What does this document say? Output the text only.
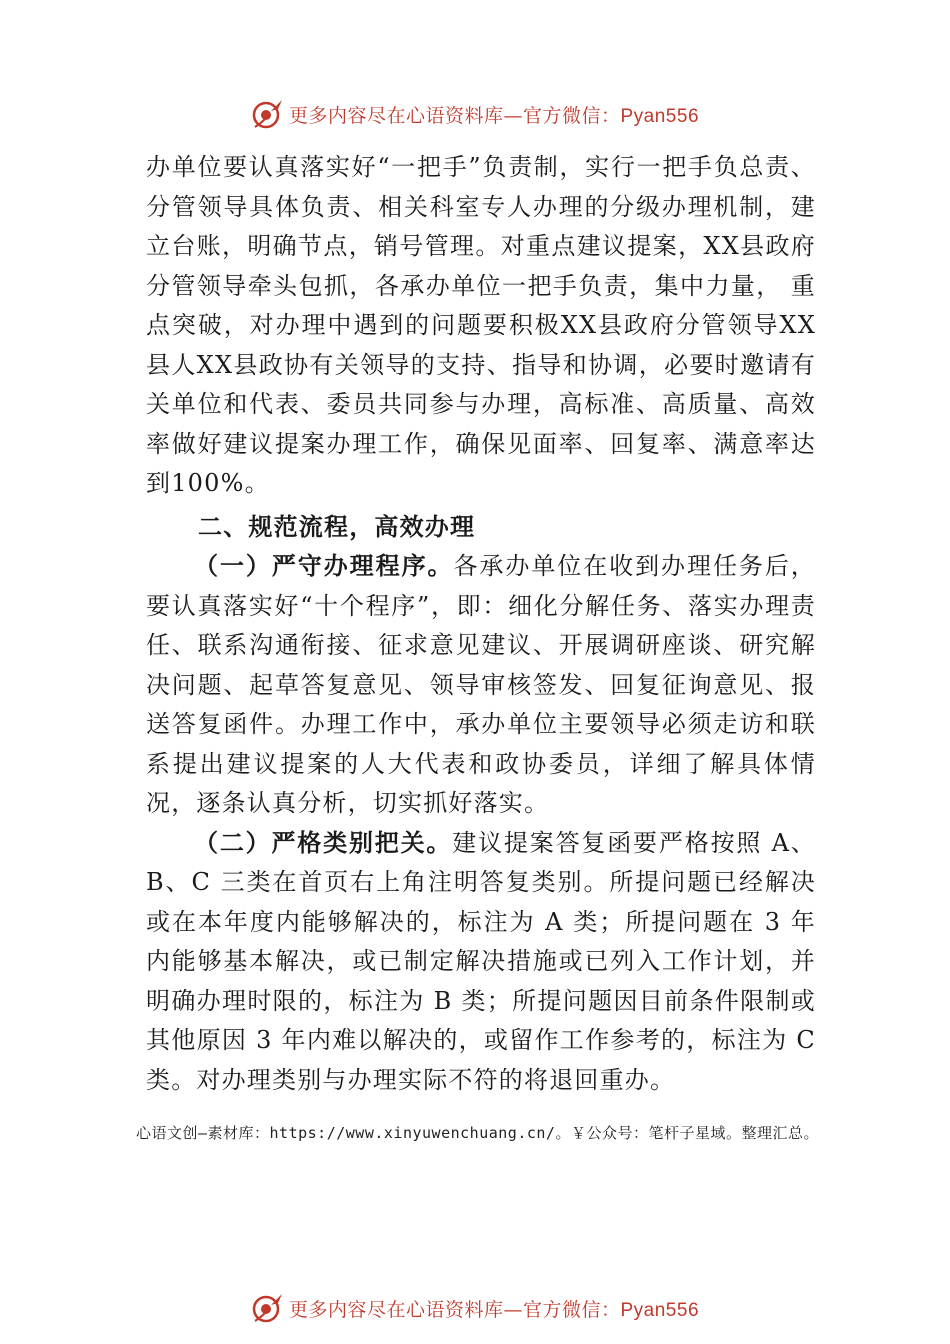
更多内容尽在心语资料库—官方微信：Pyan556

办单位要认真落实好“一把手”负责制，实行一把手负总责、分管领导具体负责、相关科室专人办理的分级办理机制，建立台账，明确节点，销号管理。对重点建议提案，XX县政府分管领导牵头包抓，各承办单位一把手负责，集中力量， 重点突破，对办理中遇到的问题要积极XX县政府分管领导XX县人XX县政协有关领导的支持、指导和协调，必要时邀请有关单位和代表、委员共同参与办理，高标准、高质量、高效率做好建议提案办理工作，确保见面率、回复率、满意率达到100%。

二、规范流程，高效办理

（一）严守办理程序。各承办单位在收到办理任务后，要认真落实好“十个程序”，即：细化分解任务、落实办理责任、联系沟通衔接、征求意见建议、开展调研座谈、研究解决问题、起草答复意见、领导审核签发、回复征询意见、报送答复函件。办理工作中，承办单位主要领导必须走访和联系提出建议提案的人大代表和政协委员，详细了解具体情况，逐条认真分析，切实抓好落实。

（二）严格类别把关。建议提案答复函要严格按照 A、B、C 三类在首页右上角注明答复类别。所提问题已经解决或在本年度内能够解决的，标注为 A 类；所提问题在 3 年内能够基本解决，或已制定解决措施或已列入工作计划，并明确办理时限的，标注为 B 类；所提问题因目前条件限制或其他原因 3 年内难以解决的，或留作工作参考的，标注为 C 类。对办理类别与办理实际不符的将退回重办。

心语文创—素材库：https://www.xinyuwenchuang.cn/。￥公众号：笔杆子星域。整理汇总。
更多内容尽在心语资料库—官方微信：Pyan556
